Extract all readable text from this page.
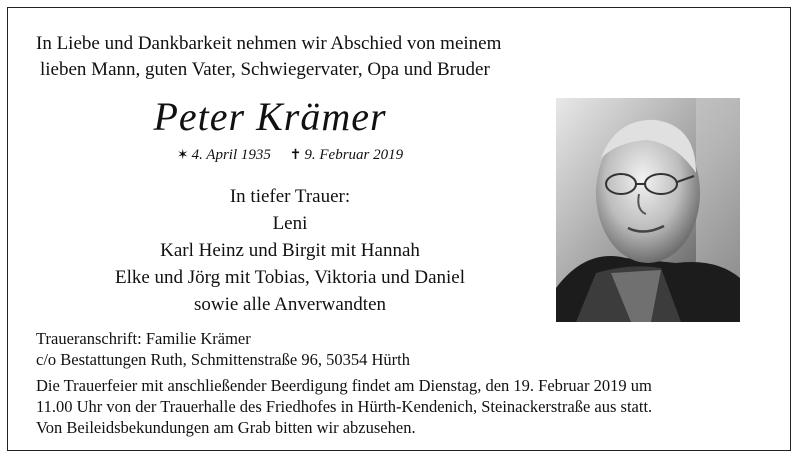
In Liebe und Dankbarkeit nehmen wir Abschied von meinem
lieben Mann, guten Vater, Schwiegervater, Opa und Bruder
Peter Krämer
✶ 4. April 1935 ✝ 9. Februar 2019
In tiefer Trauer:
Leni
Karl Heinz und Birgit mit Hannah
Elke und Jörg mit Tobias, Viktoria und Daniel
sowie alle Anverwandten
Traueranschrift: Familie Krämer
c/o Bestattungen Ruth, Schmittenstraße 96, 50354 Hürth
Die Trauerfeier mit anschließender Beerdigung findet am Dienstag, den 19. Februar 2019 um
11.00 Uhr von der Trauerhalle des Friedhofes in Hürth-Kendenich, Steinackerstraße aus statt.
Von Beileidsbekundungen am Grab bitten wir abzusehen.
